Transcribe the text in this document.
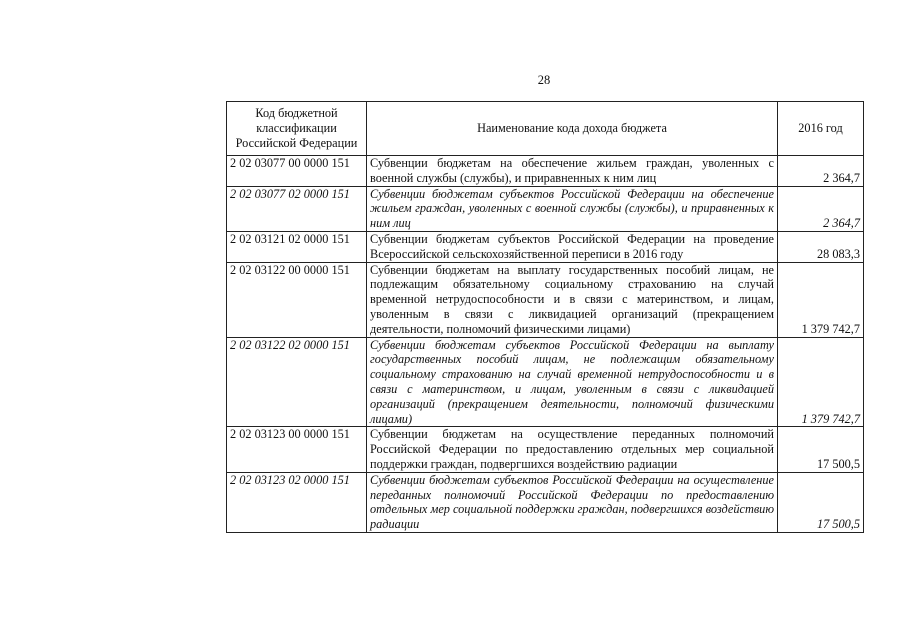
28
Код бюджетной классификации Российской Федерации	Наименование кода дохода бюджета	2016 год
2 02 03077 00 0000 151	Субвенции бюджетам на обеспечение жильем граждан, уволенных с военной службы (службы), и приравненных к ним лиц	2 364,7
2 02 03077 02 0000 151	Субвенции бюджетам субъектов Российской Федерации на обеспечение жильем граждан, уволенных с военной службы (службы), и приравненных к ним лиц	2 364,7
2 02 03121 02 0000 151	Субвенции бюджетам субъектов Российской Федерации на проведение Всероссийской сельскохозяйственной переписи в 2016 году	28 083,3
2 02 03122 00 0000 151	Субвенции бюджетам на выплату государственных пособий лицам, не подлежащим обязательному социальному страхованию на случай временной нетрудоспособности и в связи с материнством, и лицам, уволенным в связи с ликвидацией организаций (прекращением деятельности, полномочий физическими лицами)	1 379 742,7
2 02 03122 02 0000 151	Субвенции бюджетам субъектов Российской Федерации на выплату государственных пособий лицам, не подлежащим обязательному социальному страхованию на случай временной нетрудоспособности и в связи с материнством, и лицам, уволенным в связи с ликвидацией организаций (прекращением деятельности, полномочий физическими лицами)	1 379 742,7
2 02 03123 00 0000 151	Субвенции бюджетам на осуществление переданных полномочий Российской Федерации по предоставлению отдельных мер социальной поддержки граждан, подвергшихся воздействию радиации	17 500,5
2 02 03123 02 0000 151	Субвенции бюджетам субъектов Российской Федерации на осуществление переданных полномочий Российской Федерации по предоставлению отдельных мер социальной поддержки граждан, подвергшихся воздействию радиации	17 500,5
